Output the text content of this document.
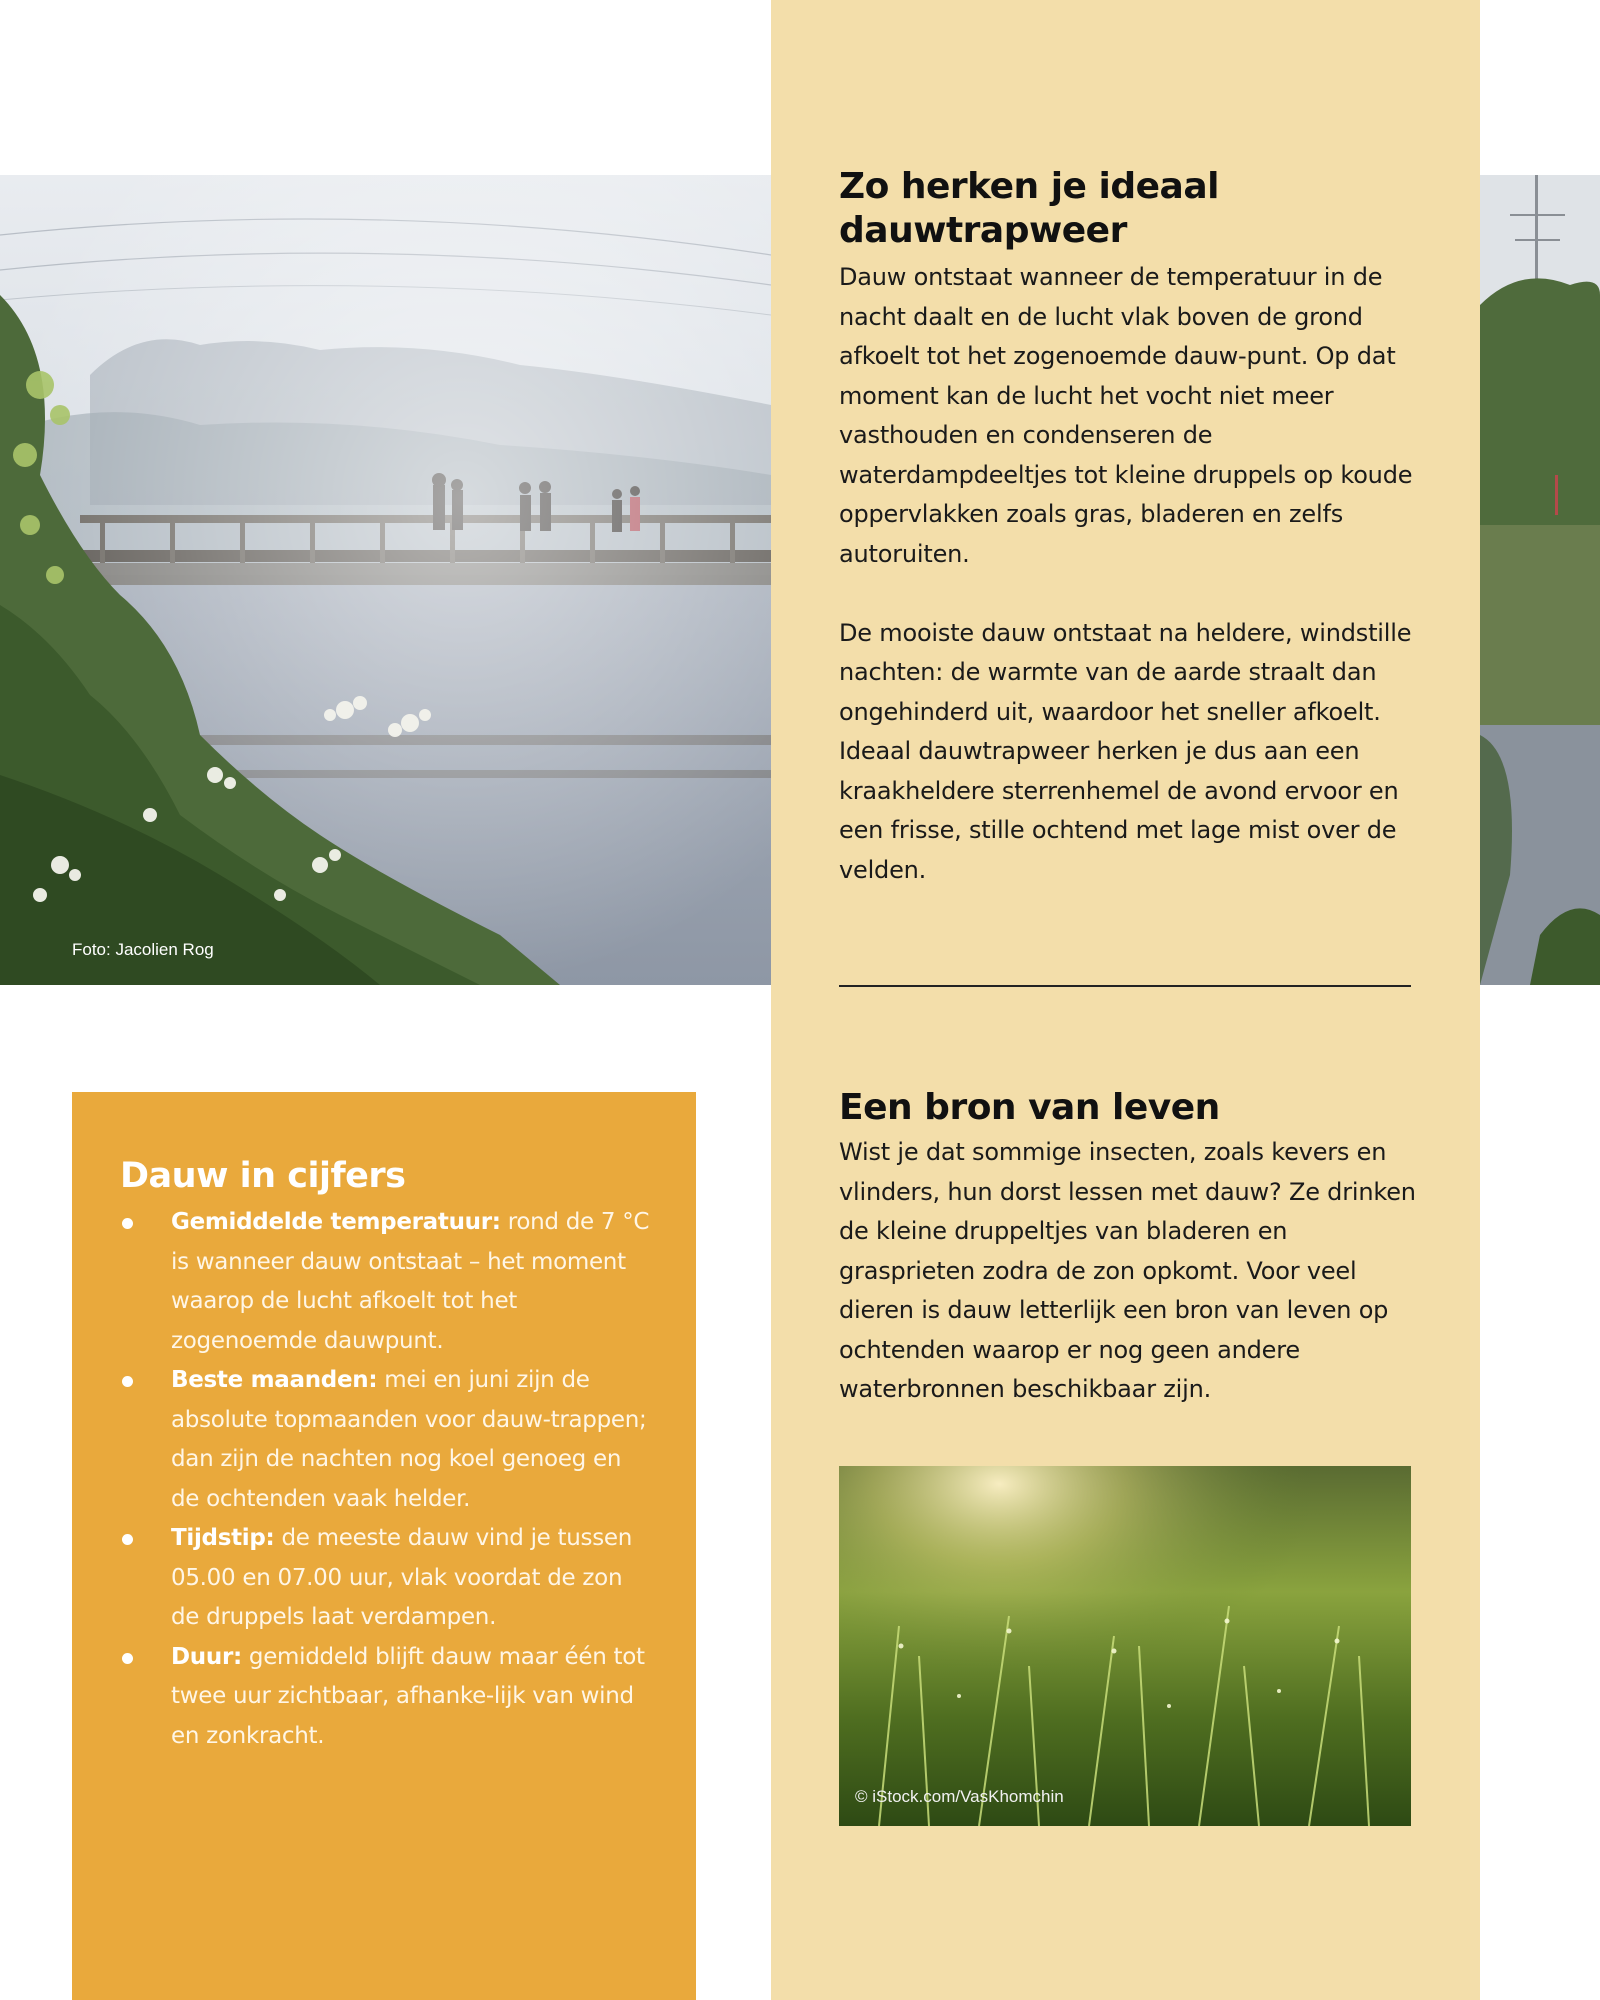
Foto: Jacolien Rog
Zo herken je ideaal dauwtrapweer

Dauw ontstaat wanneer de temperatuur in de nacht daalt en de lucht vlak boven de grond afkoelt tot het zogenoemde dauw-punt. Op dat moment kan de lucht het vocht niet meer vasthouden en condenseren de waterdampdeeltjes tot kleine druppels op koude oppervlakken zoals gras, bladeren en zelfs autoruiten.

De mooiste dauw ontstaat na heldere, windstille nachten: de warmte van de aarde straalt dan ongehinderd uit, waardoor het sneller afkoelt. Ideaal dauwtrapweer herken je dus aan een kraakheldere sterrenhemel de avond ervoor en een frisse, stille ochtend met lage mist over de velden.

Een bron van leven

Wist je dat sommige insecten, zoals kevers en vlinders, hun dorst lessen met dauw? Ze drinken de kleine druppeltjes van bladeren en grasprieten zodra de zon opkomt. Voor veel dieren is dauw letterlijk een bron van leven op ochtenden waarop er nog geen andere waterbronnen beschikbaar zijn.

© iStock.com/VasKhomchin
Dauw in cijfers
Gemiddelde temperatuur: rond de 7 °C is wanneer dauw ontstaat – het moment waarop de lucht afkoelt tot het zogenoemde dauwpunt.
Beste maanden: mei en juni zijn de absolute topmaanden voor dauw-trappen; dan zijn de nachten nog koel genoeg en de ochtenden vaak helder.
Tijdstip: de meeste dauw vind je tussen 05.00 en 07.00 uur, vlak voordat de zon de druppels laat verdampen.
Duur: gemiddeld blijft dauw maar één tot twee uur zichtbaar, afhanke-lijk van wind en zonkracht.
